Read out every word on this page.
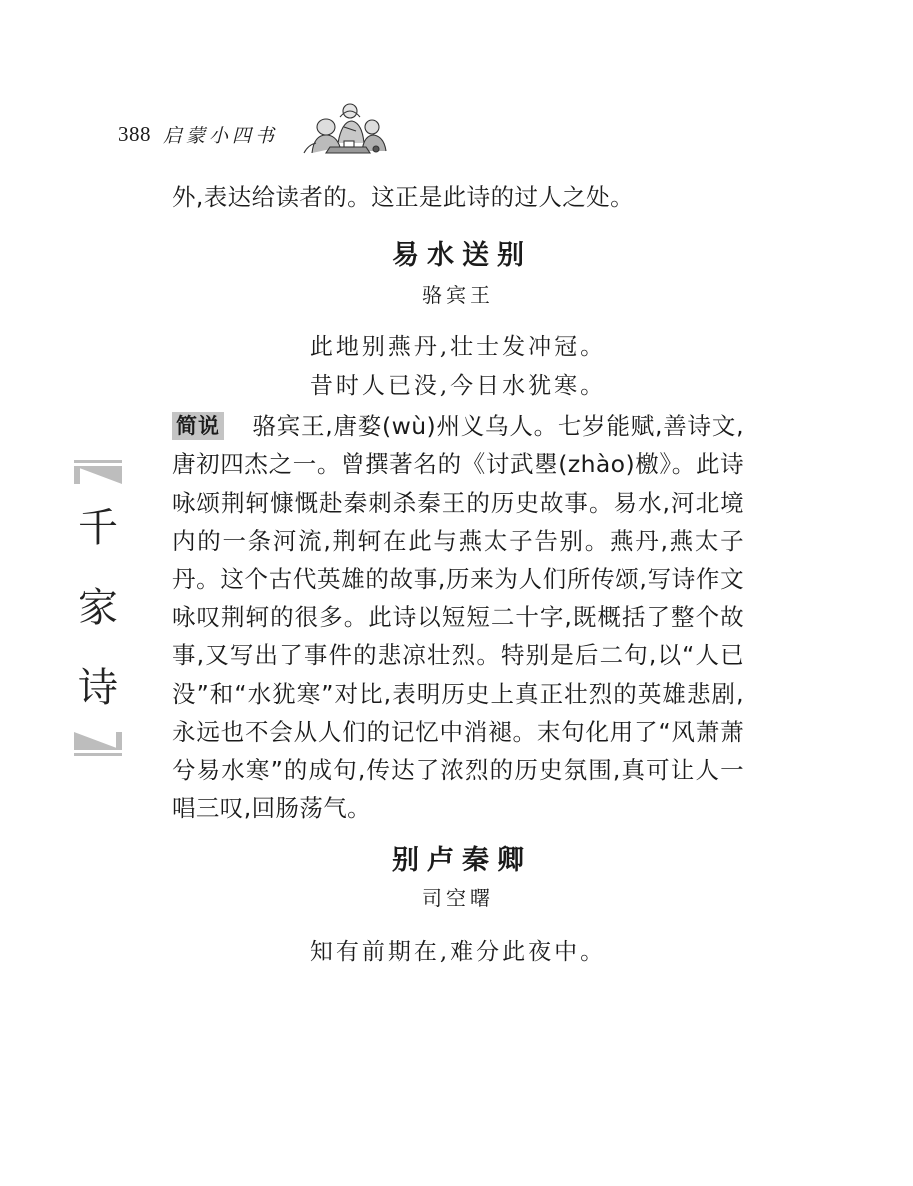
388 启蒙小四书
千
家
诗

外,表达给读者的。这正是此诗的过人之处。

易水送别

骆宾王

此地别燕丹,壮士发冲冠。

昔时人已没,今日水犹寒。

简说 骆宾王,唐婺(wù)州义乌人。七岁能赋,善诗文,唐初四杰之一。曾撰著名的《讨武瞾(zhào)檄》。此诗咏颂荆轲慷慨赴秦刺杀秦王的历史故事。易水,河北境内的一条河流,荆轲在此与燕太子告别。燕丹,燕太子丹。这个古代英雄的故事,历来为人们所传颂,写诗作文咏叹荆轲的很多。此诗以短短二十字,既概括了整个故事,又写出了事件的悲凉壮烈。特别是后二句,以“人已没”和“水犹寒”对比,表明历史上真正壮烈的英雄悲剧,永远也不会从人们的记忆中消褪。末句化用了“风萧萧兮易水寒”的成句,传达了浓烈的历史氛围,真可让人一唱三叹,回肠荡气。

别卢秦卿

司空曙

知有前期在,难分此夜中。
